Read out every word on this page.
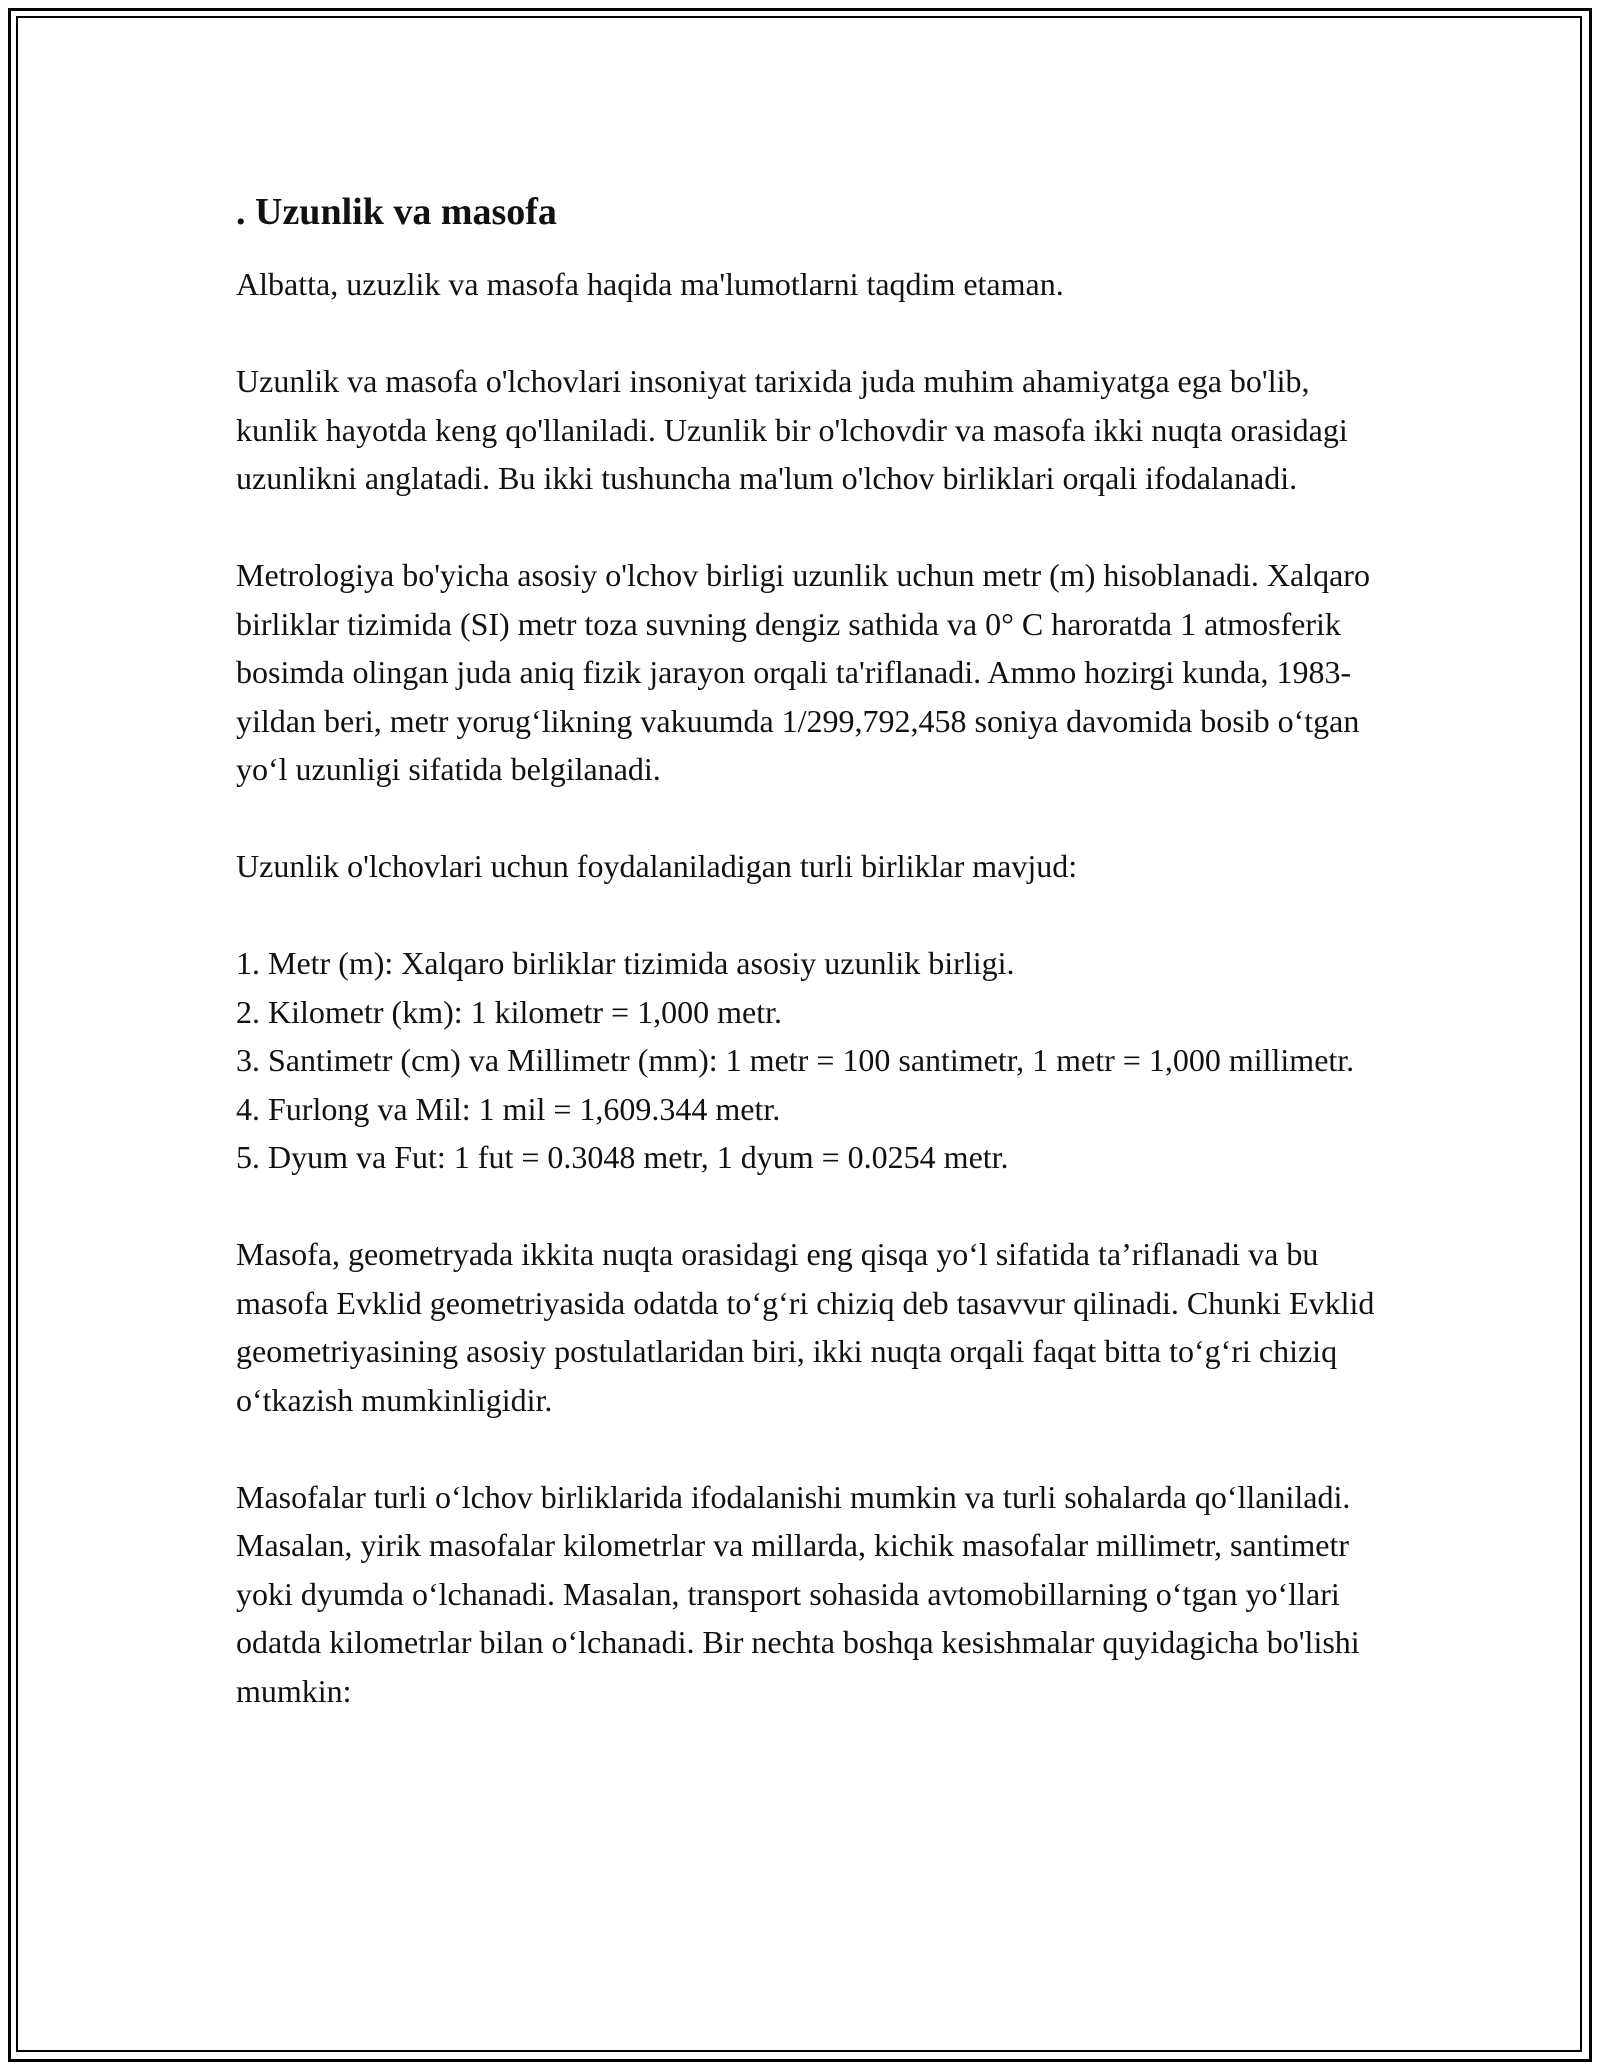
. Uzunlik va masofa

Albatta, uzuzlik va masofa haqida ma'lumotlarni taqdim etaman.

Uzunlik va masofa o'lchovlari insoniyat tarixida juda muhim ahamiyatga ega bo'lib, kunlik hayotda keng qo'llaniladi. Uzunlik bir o'lchovdir va masofa ikki nuqta orasidagi uzunlikni anglatadi. Bu ikki tushuncha ma'lum o'lchov birliklari orqali ifodalanadi.

Metrologiya bo'yicha asosiy o'lchov birligi uzunlik uchun metr (m) hisoblanadi. Xalqaro birliklar tizimida (SI) metr toza suvning dengiz sathida va 0° C haroratda 1 atmosferik bosimda olingan juda aniq fizik jarayon orqali ta'riflanadi. Ammo hozirgi kunda, 1983-yildan beri, metr yorug‘likning vakuumda 1/299,792,458 soniya davomida bosib o‘tgan yo‘l uzunligi sifatida belgilanadi.

Uzunlik o'lchovlari uchun foydalaniladigan turli birliklar mavjud:

1. Metr (m): Xalqaro birliklar tizimida asosiy uzunlik birligi.
2. Kilometr (km): 1 kilometr = 1,000 metr.
3. Santimetr (cm) va Millimetr (mm): 1 metr = 100 santimetr, 1 metr = 1,000 millimetr.
4. Furlong va Mil: 1 mil = 1,609.344 metr.
5. Dyum va Fut: 1 fut = 0.3048 metr, 1 dyum = 0.0254 metr.

Masofa, geometryada ikkita nuqta orasidagi eng qisqa yo‘l sifatida ta’riflanadi va bu masofa Evklid geometriyasida odatda to‘g‘ri chiziq deb tasavvur qilinadi. Chunki Evklid geometriyasining asosiy postulatlaridan biri, ikki nuqta orqali faqat bitta to‘g‘ri chiziq o‘tkazish mumkinligidir.

Masofalar turli o‘lchov birliklarida ifodalanishi mumkin va turli sohalarda qo‘llaniladi. Masalan, yirik masofalar kilometrlar va millarda, kichik masofalar millimetr, santimetr yoki dyumda o‘lchanadi. Masalan, transport sohasida avtomobillarning o‘tgan yo‘llari odatda kilometrlar bilan o‘lchanadi. Bir nechta boshqa kesishmalar quyidagicha bo'lishi mumkin:
